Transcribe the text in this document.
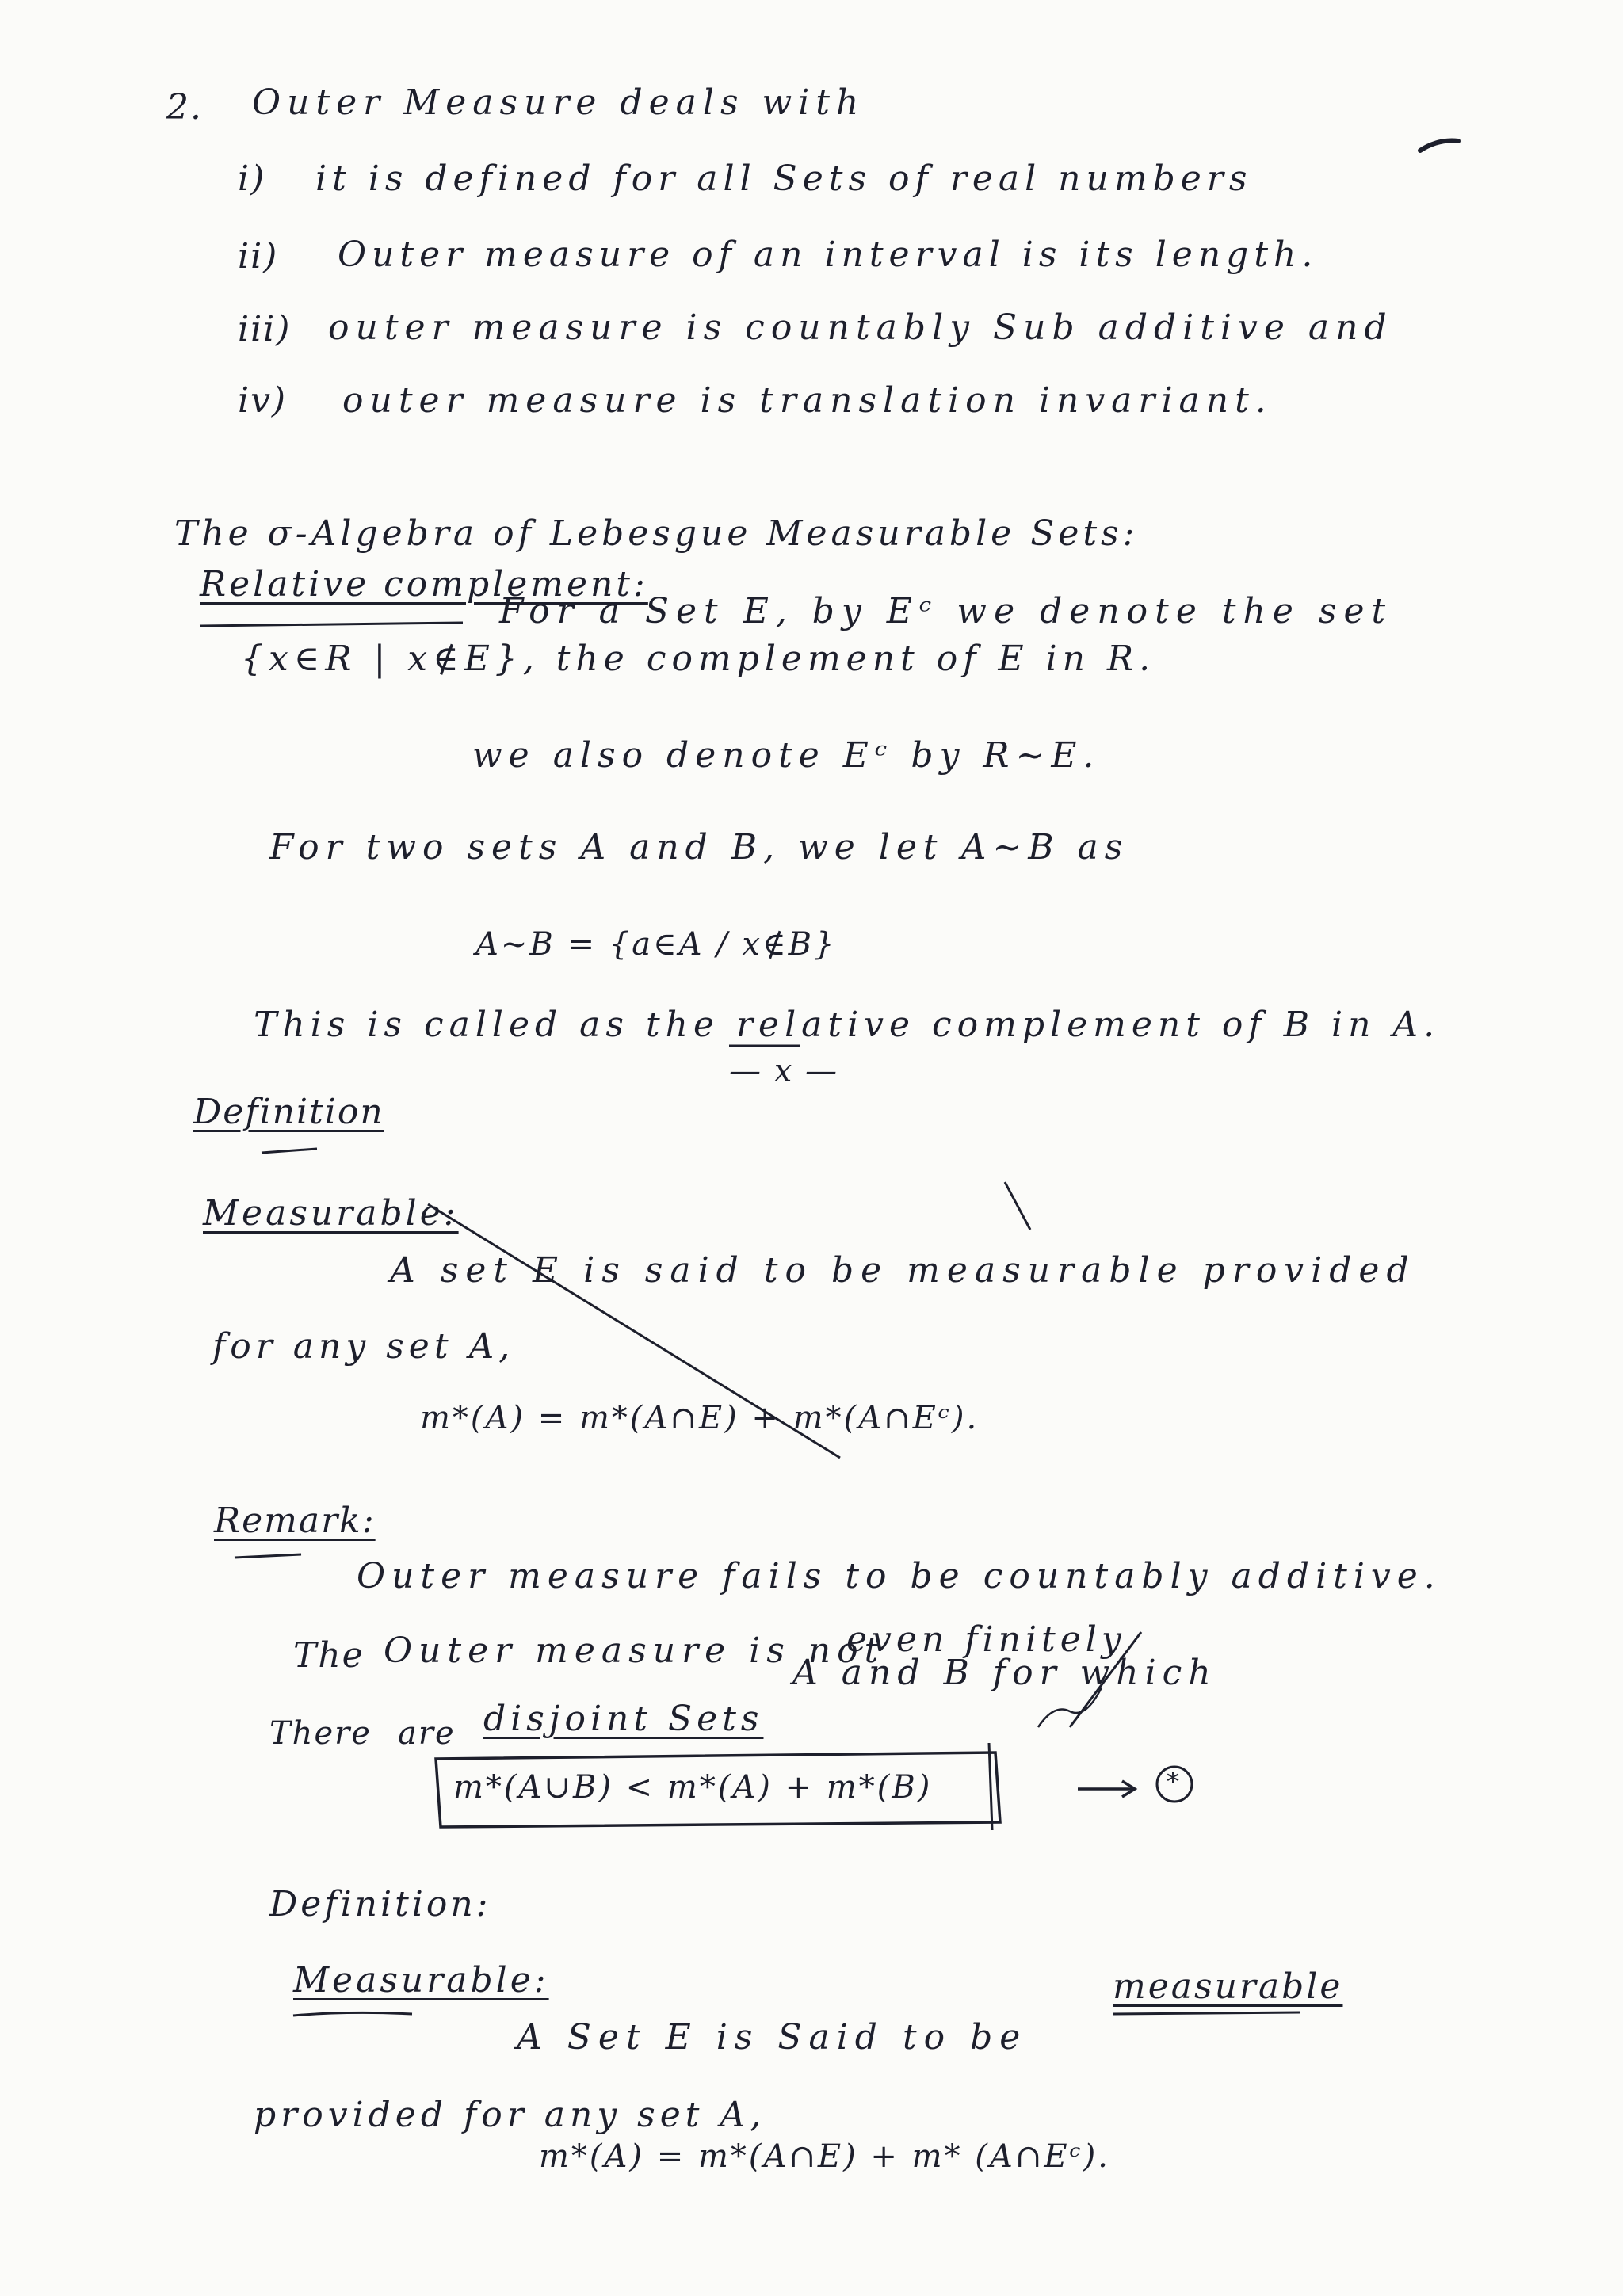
2. Outer Measure deals with
i) it is defined for all Sets of real numbers
ii) Outer measure of an interval is its length.
iii) outer measure is countably Sub additive and
iv) outer measure is translation invariant.
The σ-Algebra of Lebesgue Measurable Sets:
Relative complement:
For a Set E, by Eᶜ we denote the set
{x∈R | x∉E}, the complement of E in R.
we also denote Eᶜ by R~E.
For two sets A and B, we let A~B as
A~B = {a∈A / x∉B}
This is called as the relative complement of B in A.
— x —
Definition
Measurable:
A set E is said to be measurable provided
for any set A,
m*(A) = m*(A∩E) + m*(A∩Eᶜ).
Remark:
Outer measure fails to be countably additive.
The Outer measure is not
even finitely
A and B for which
There are disjoint Sets
m*(A∪B) < m*(A) + m*(B)	*
Definition:
Measurable:
A Set E is Said to be
measurable
provided for any set A,
m*(A) = m*(A∩E) + m* (A∩Eᶜ).
